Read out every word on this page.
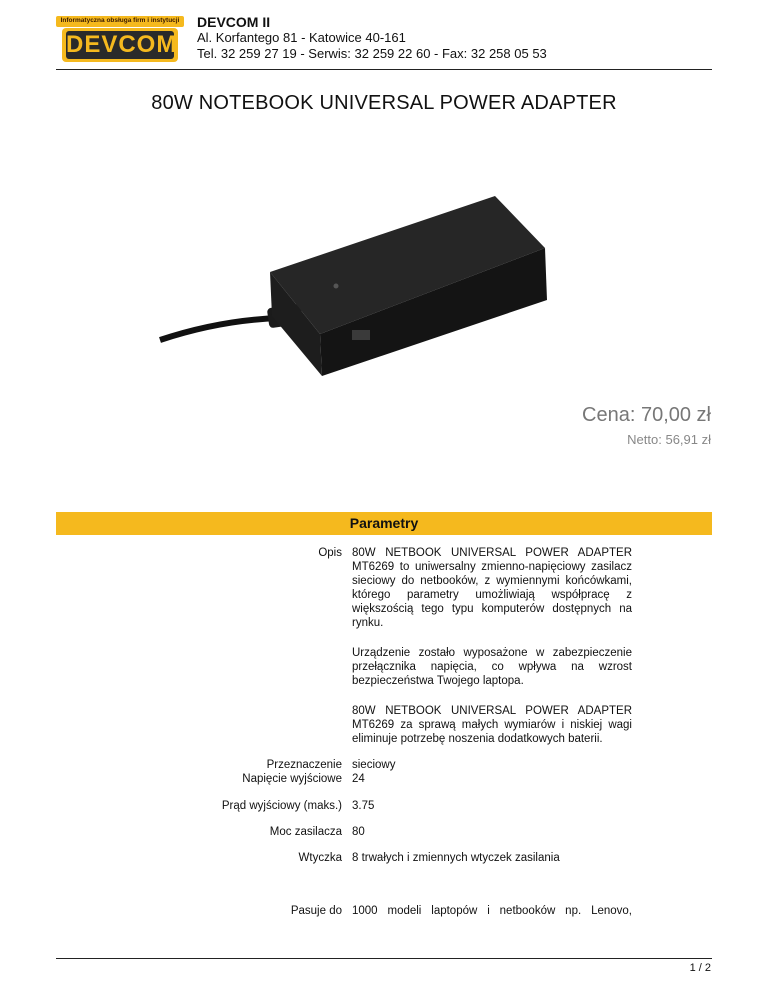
Informatyczna obsługa firm i instytucji
DEVCOM
DEVCOM II
Al. Korfantego 81 - Katowice 40-161
Tel. 32 259 27 19 - Serwis: 32 259 22 60 - Fax: 32 258 05 53
80W NOTEBOOK UNIVERSAL POWER ADAPTER
Cena: 70,00 zł
Netto: 56,91 zł
Parametry
Opis 80W NETBOOK UNIVERSAL POWER ADAPTER MT6269 to uniwersalny zmienno-napięciowy zasilacz sieciowy do netbooków, z wymiennymi końcówkami, którego parametry umożliwiają współpracę z większością tego typu komputerów dostępnych na rynku.

Urządzenie zostało wyposażone w zabezpieczenie przełącznika napięcia, co wpływa na wzrost bezpieczeństwa Twojego laptopa.

80W NETBOOK UNIVERSAL POWER ADAPTER MT6269 za sprawą małych wymiarów i niskiej wagi eliminuje potrzebę noszenia dodatkowych baterii.

Przeznaczenie sieciowy
Napięcie wyjściowe 24
Prąd wyjściowy (maks.) 3.75
Moc zasilacza 80
Wtyczka 8 trwałych i zmiennych wtyczek zasilania
Pasuje do 1000 modeli laptopów i netbooków np. Lenovo,
1 / 2
